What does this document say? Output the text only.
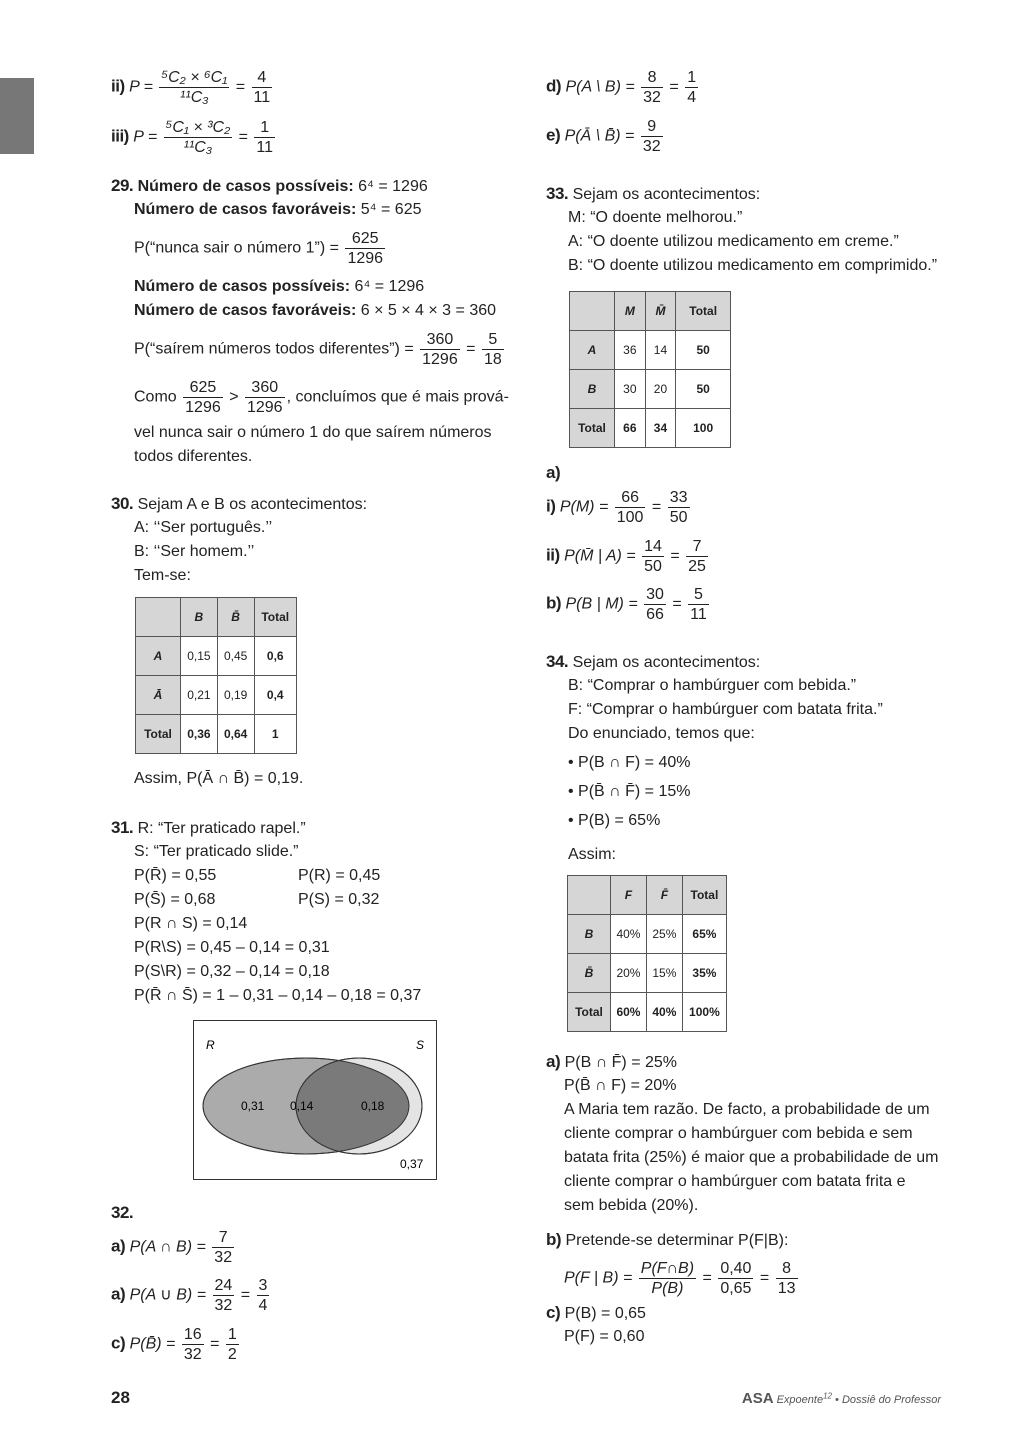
ii) $P = \frac{\text{⁵C₂ × ⁶C₁}}{\text{¹¹C₃}} = \frac{4}{11}$
iii) $P = \frac{\text{⁵C₁ × ³C₂}}{\text{¹¹C₃}} = \frac{1}{11}$
29. Número de casos possíveis: 6⁴ = 1296
Número de casos favoráveis: 5⁴ = 625
P(“nunca sair o número 1”) = $\frac{625}{1296}$
Número de casos possíveis: 6⁴ = 1296
Número de casos favoráveis: 6 × 5 × 4 × 3 = 360
P(“saírem números todos diferentes”) = $\frac{360}{1296} = \frac{5}{18}$
Como $\frac{625}{1296} > \frac{360}{1296}$ , concluímos que é mais prová-
vel nunca sair o número 1 do que saírem números
todos diferentes.
30. Sejam A e B os acontecimentos:
A: ‘‘Ser português.’’
B: ‘‘Ser homem.’’
Tem-se:
	B	B̄	Total
A	0,15	0,45	0,6
Ā	0,21	0,19	0,4
Total	0,36	0,64	1
Assim, P(Ā ∩ B̄) = 0,19.
31. R: “Ter praticado rapel.”
S: “Ter praticado slide.”
P(R̄) = 0,55	P(R) = 0,45
P(S̄) = 0,68	P(S) = 0,32
P(R ∩ S) = 0,14
P(R\S) = 0,45 – 0,14 = 0,31
P(S\R) = 0,32 – 0,14 = 0,18
P(R̄ ∩ S̄) = 1 – 0,31 – 0,14 – 0,18 = 0,37
R	S
0,31 0,14	0,18
0,37
32.
a) P(A ∩ $B) = \frac{7}{32}$
a) P(A ∪ $B) = \frac{24}{32} = \frac{3}{4}$
c) P(B̄) = $\frac{16}{32} = \frac{1}{2}$
d) P(A \ $B) = \frac{8}{32} = \frac{1}{4}$
e) P(Ā \ B̄) = $\frac{9}{32}$
33. Sejam os acontecimentos:
M: “O doente melhorou.”
A: “O doente utilizou medicamento em creme.”
B: “O doente utilizou medicamento em comprimido.”
	M	M̄	Total
A	36	14	50
B	30	20	50
Total	66	34	100
a)
i) $P(M) = \frac{66}{100} = \frac{33}{50}$
ii) P(M̄ | $A) = \frac{14}{50} = \frac{7}{25}$
b) P(B | $M) = \frac{30}{66} = \frac{5}{11}$
34. Sejam os acontecimentos:
B: “Comprar o hambúrguer com bebida.”
F: “Comprar o hambúrguer com batata frita.”
Do enunciado, temos que:
• P(B ∩ F) = 40%
• P(B̄ ∩ F̄) = 15%
• P(B) = 65%
Assim:
	F	F̄	Total
B	40%	25%	65%
B̄	20%	15%	35%
Total	60%	40%	100%
a) P(B ∩ F̄) = 25%
P(B̄ ∩ F) = 20%
A Maria tem razão. De facto, a probabilidade de um
cliente comprar o hambúrguer com bebida e sem
batata frita (25%) é maior que a probabilidade de um
cliente comprar o hambúrguer com batata frita e
sem bebida (20%).
b) Pretende-se determinar P(F|B):
P(F | $B) = \frac{P(F\cap B)}{P(B)} = \frac{0,40}{0,65} = \frac{8}{13}$
c) P(B) = 0,65
P(F) = 0,60
28	ASA Expoente$^{12}$ • Dossiê do Professor
